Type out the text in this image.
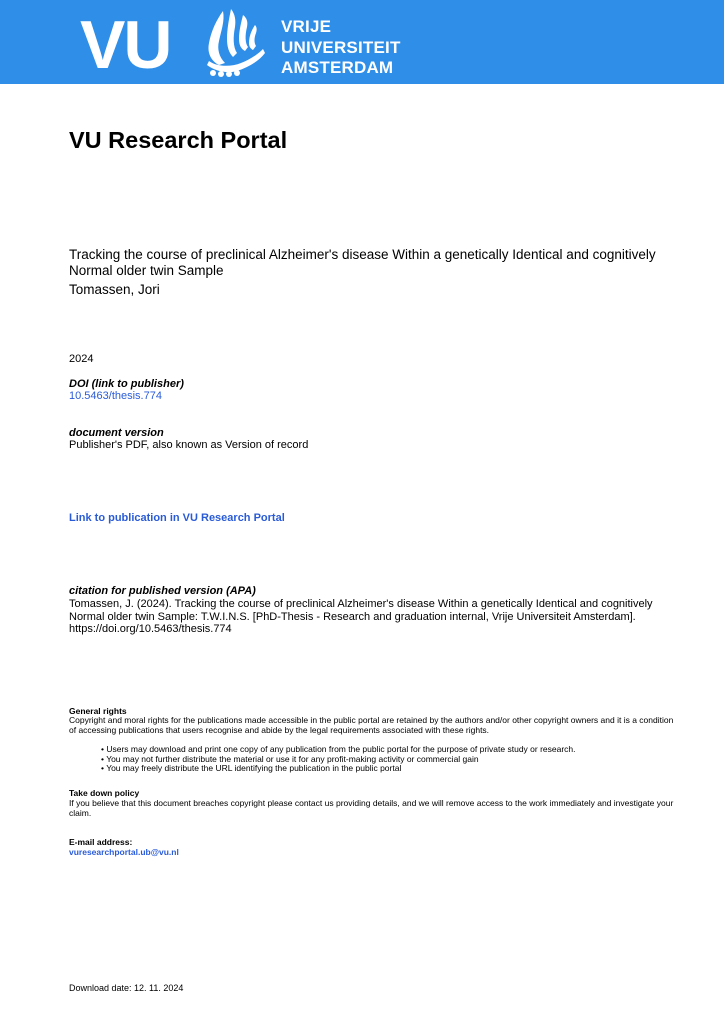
VU	VRIJE
UNIVERSITEIT
AMSTERDAM
VU Research Portal
Tracking the course of preclinical Alzheimer's disease Within a genetically Identical and cognitively Normal older twin Sample
Tomassen, Jori
2024
DOI (link to publisher)
10.5463/thesis.774
document version
Publisher's PDF, also known as Version of record
Link to publication in VU Research Portal
citation for published version (APA)
Tomassen, J. (2024). Tracking the course of preclinical Alzheimer's disease Within a genetically Identical and cognitively Normal older twin Sample: T.W.I.N.S. [PhD-Thesis - Research and graduation internal, Vrije Universiteit Amsterdam]. https://doi.org/10.5463/thesis.774
General rights
Copyright and moral rights for the publications made accessible in the public portal are retained by the authors and/or other copyright owners and it is a condition of accessing publications that users recognise and abide by the legal requirements associated with these rights.
• Users may download and print one copy of any publication from the public portal for the purpose of private study or research.
• You may not further distribute the material or use it for any profit-making activity or commercial gain
• You may freely distribute the URL identifying the publication in the public portal
Take down policy
If you believe that this document breaches copyright please contact us providing details, and we will remove access to the work immediately and investigate your claim.
E-mail address:
vuresearchportal.ub@vu.nl
Download date: 12. 11. 2024
